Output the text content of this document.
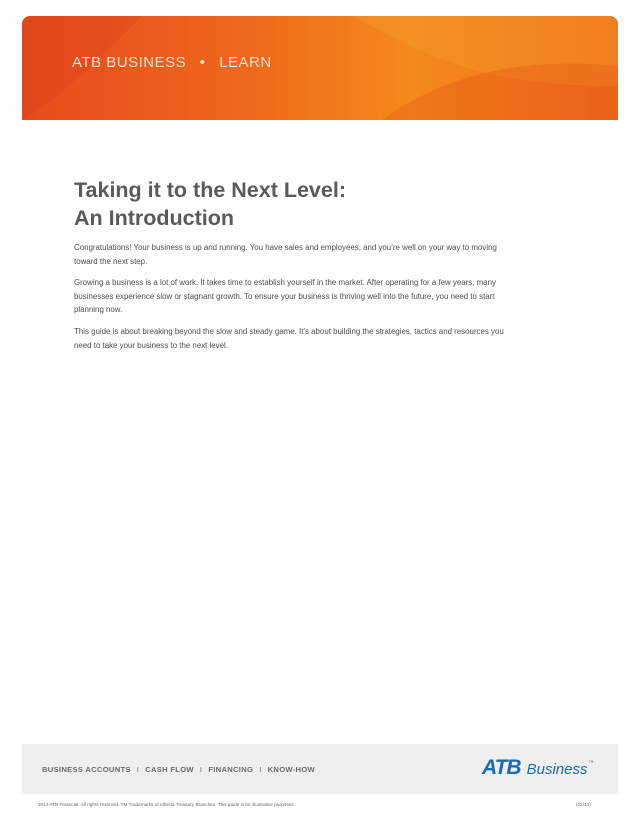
ATB BUSINESS • LEARN
Taking it to the Next Level:
An Introduction

Congratulations! Your business is up and running. You have sales and employees, and you’re well on your way to moving toward the next step.

Growing a business is a lot of work. It takes time to establish yourself in the market. After operating for a few years, many businesses experience slow or stagnant growth. To ensure your business is thriving well into the future, you need to start planning now.

This guide is about breaking beyond the slow and steady game. It’s about building the strategies, tactics and resources you need to take your business to the next level.

BUSINESS ACCOUNTS I CASH FLOW I FINANCING I KNOW-HOW	ATB Business ™
2013 ATB Financial. All rights reserved. TM Trademarks of Alberta Treasury Branches. This guide is for illustrative purposes.	(02/13)
